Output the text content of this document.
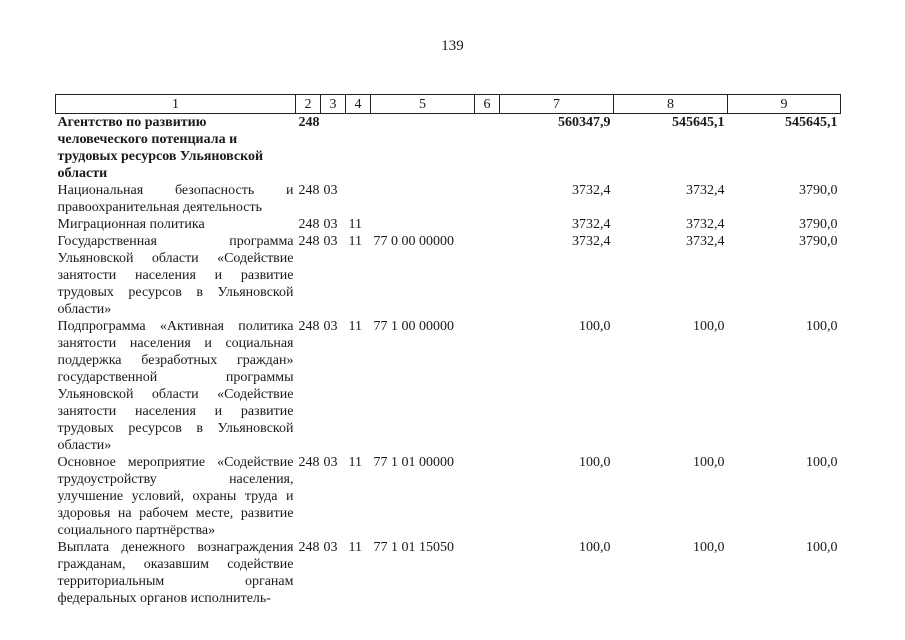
139
1	2	3	4	5	6	7	8	9
Агентство по развитию человеческого потенциала и трудовых ресурсов Ульяновской области	248					560347,9	545645,1	545645,1
Национальная безопасность и правоохранительная деятельность	248	03				3732,4	3732,4	3790,0
Миграционная политика	248	03	11			3732,4	3732,4	3790,0
Государственная программа Ульяновской области «Содействие занятости населения и развитие трудовых ресурсов в Ульяновской области»	248	03	11	77 0 00 00000		3732,4	3732,4	3790,0
Подпрограмма «Активная политика занятости населения и социальная поддержка безработных граждан» государственной программы Ульяновской области «Содействие занятости населения и развитие трудовых ресурсов в Ульяновской области»	248	03	11	77 1 00 00000		100,0	100,0	100,0
Основное мероприятие «Содействие трудоустройству населения, улучшение условий, охраны труда и здоровья на рабочем месте, развитие социального партнёрства»	248	03	11	77 1 01 00000		100,0	100,0	100,0
Выплата денежного вознаграждения гражданам, оказавшим содействие территориальным органам федеральных органов исполнитель-	248	03	11	77 1 01 15050		100,0	100,0	100,0
